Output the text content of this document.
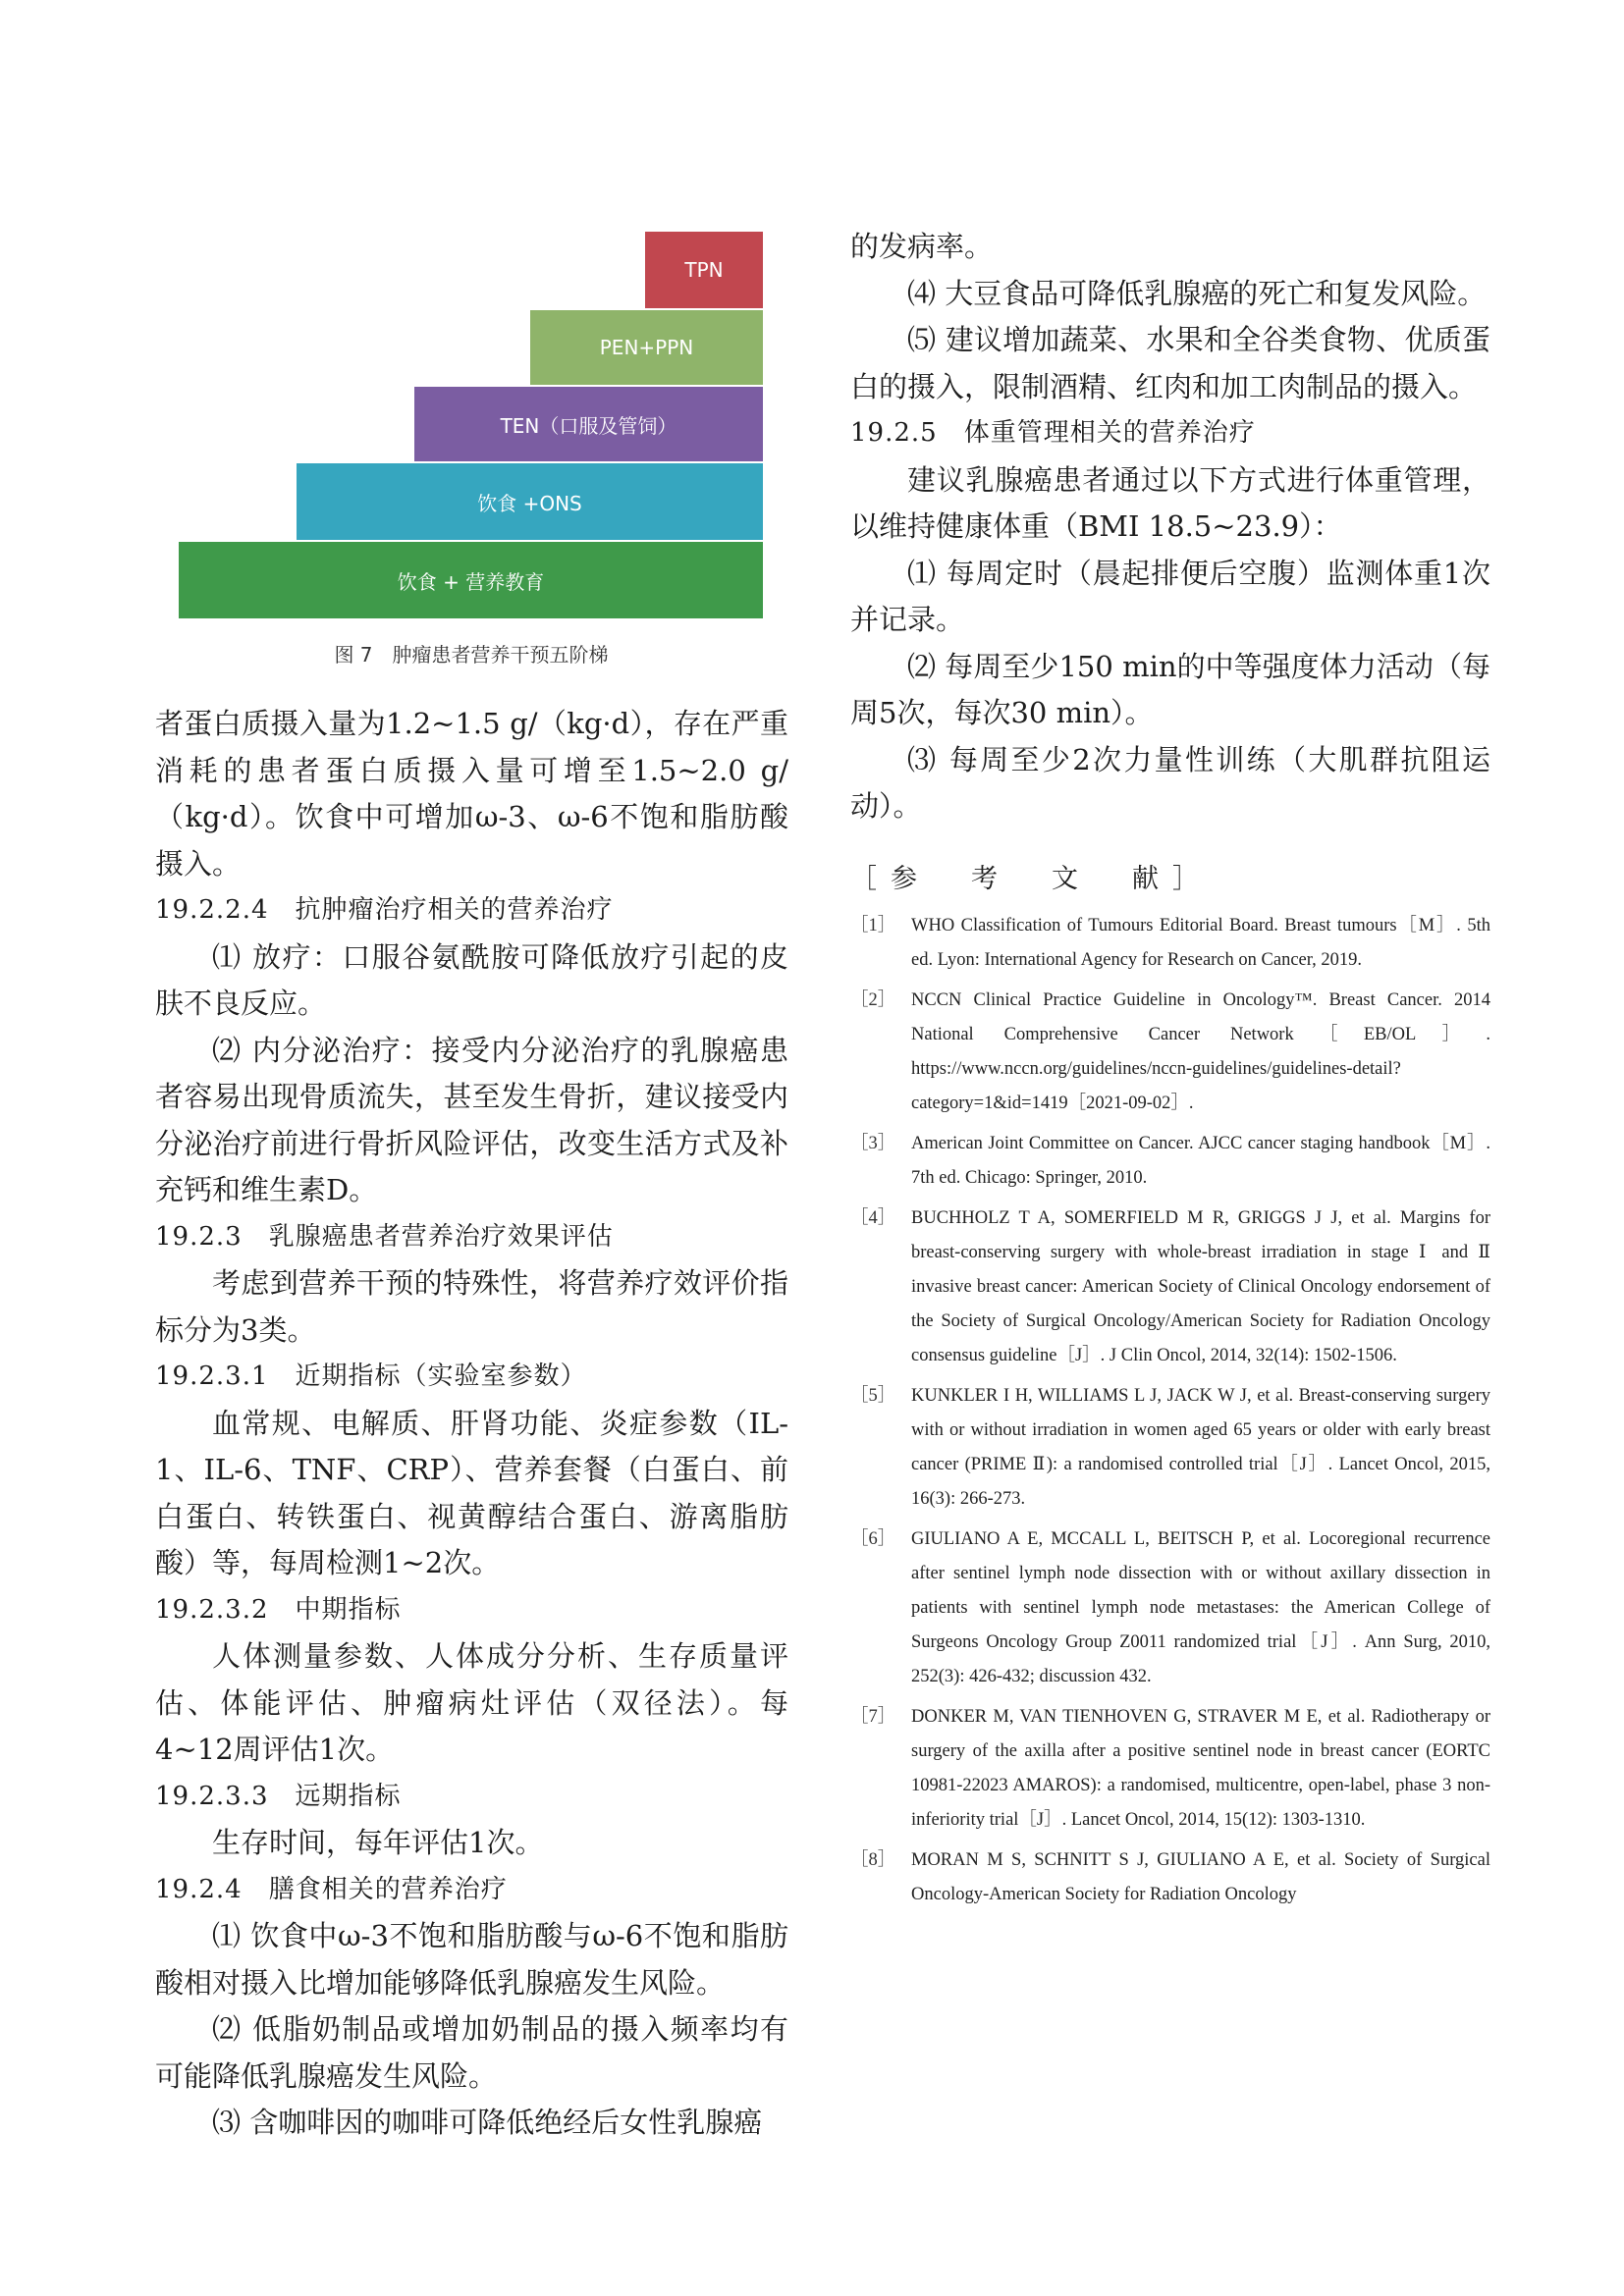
TPN
PEN+PPN
TEN（口服及管饲）
饮食 +ONS
饮食 + 营养教育
图 7　肿瘤患者营养干预五阶梯

者蛋白质摄入量为1.2~1.5 g/（kg·d），存在严重消耗的患者蛋白质摄入量可增至1.5~2.0 g/（kg·d）。饮食中可增加ω-3、ω-6不饱和脂肪酸摄入。

19.2.2.4　抗肿瘤治疗相关的营养治疗

⑴ 放疗：口服谷氨酰胺可降低放疗引起的皮肤不良反应。

⑵ 内分泌治疗：接受内分泌治疗的乳腺癌患者容易出现骨质流失，甚至发生骨折，建议接受内分泌治疗前进行骨折风险评估，改变生活方式及补充钙和维生素D。

19.2.3　乳腺癌患者营养治疗效果评估

考虑到营养干预的特殊性，将营养疗效评价指标分为3类。

19.2.3.1　近期指标（实验室参数）

血常规、电解质、肝肾功能、炎症参数（IL-1、IL-6、TNF、CRP）、营养套餐（白蛋白、前白蛋白、转铁蛋白、视黄醇结合蛋白、游离脂肪酸）等，每周检测1~2次。

19.2.3.2　中期指标

人体测量参数、人体成分分析、生存质量评估、体能评估、肿瘤病灶评估（双径法）。每4~12周评估1次。

19.2.3.3　远期指标

生存时间，每年评估1次。

19.2.4　膳食相关的营养治疗

⑴ 饮食中ω-3不饱和脂肪酸与ω-6不饱和脂肪酸相对摄入比增加能够降低乳腺癌发生风险。

⑵ 低脂奶制品或增加奶制品的摄入频率均有可能降低乳腺癌发生风险。

⑶ 含咖啡因的咖啡可降低绝经后女性乳腺癌

的发病率。

⑷ 大豆食品可降低乳腺癌的死亡和复发风险。

⑸ 建议增加蔬菜、水果和全谷类食物、优质蛋白的摄入，限制酒精、红肉和加工肉制品的摄入。

19.2.5　体重管理相关的营养治疗

建议乳腺癌患者通过以下方式进行体重管理，以维持健康体重（BMI 18.5~23.9）：

⑴ 每周定时（晨起排便后空腹）监测体重1次并记录。

⑵ 每周至少150 min的中等强度体力活动（每周5次，每次30 min）。

⑶ 每周至少2次力量性训练（大肌群抗阻运动）。

［参　考　文　献］
［1］ WHO Classification of Tumours Editorial Board. Breast tumours［M］. 5th ed. Lyon: International Agency for Research on Cancer, 2019.
［2］ NCCN Clinical Practice Guideline in Oncology™. Breast Cancer. 2014 National Comprehensive Cancer Network［EB/OL］. https://www.nccn.org/guidelines/nccn-guidelines/guidelines-detail?category=1&id=1419［2021-09-02］.
［3］ American Joint Committee on Cancer. AJCC cancer staging handbook［M］. 7th ed. Chicago: Springer, 2010.
［4］ BUCHHOLZ T A, SOMERFIELD M R, GRIGGS J J, et al. Margins for breast-conserving surgery with whole-breast irradiation in stage Ⅰ and Ⅱ invasive breast cancer: American Society of Clinical Oncology endorsement of the Society of Surgical Oncology/American Society for Radiation Oncology consensus guideline［J］. J Clin Oncol, 2014, 32(14): 1502-1506.
［5］ KUNKLER I H, WILLIAMS L J, JACK W J, et al. Breast-conserving surgery with or without irradiation in women aged 65 years or older with early breast cancer (PRIME Ⅱ): a randomised controlled trial［J］. Lancet Oncol, 2015, 16(3): 266-273.
［6］ GIULIANO A E, MCCALL L, BEITSCH P, et al. Locoregional recurrence after sentinel lymph node dissection with or without axillary dissection in patients with sentinel lymph node metastases: the American College of Surgeons Oncology Group Z0011 randomized trial［J］. Ann Surg, 2010, 252(3): 426-432; discussion 432.
［7］ DONKER M, VAN TIENHOVEN G, STRAVER M E, et al. Radiotherapy or surgery of the axilla after a positive sentinel node in breast cancer (EORTC 10981-22023 AMAROS): a randomised, multicentre, open-label, phase 3 non-inferiority trial［J］. Lancet Oncol, 2014, 15(12): 1303-1310.
［8］ MORAN M S, SCHNITT S J, GIULIANO A E, et al. Society of Surgical Oncology-American Society for Radiation Oncology
